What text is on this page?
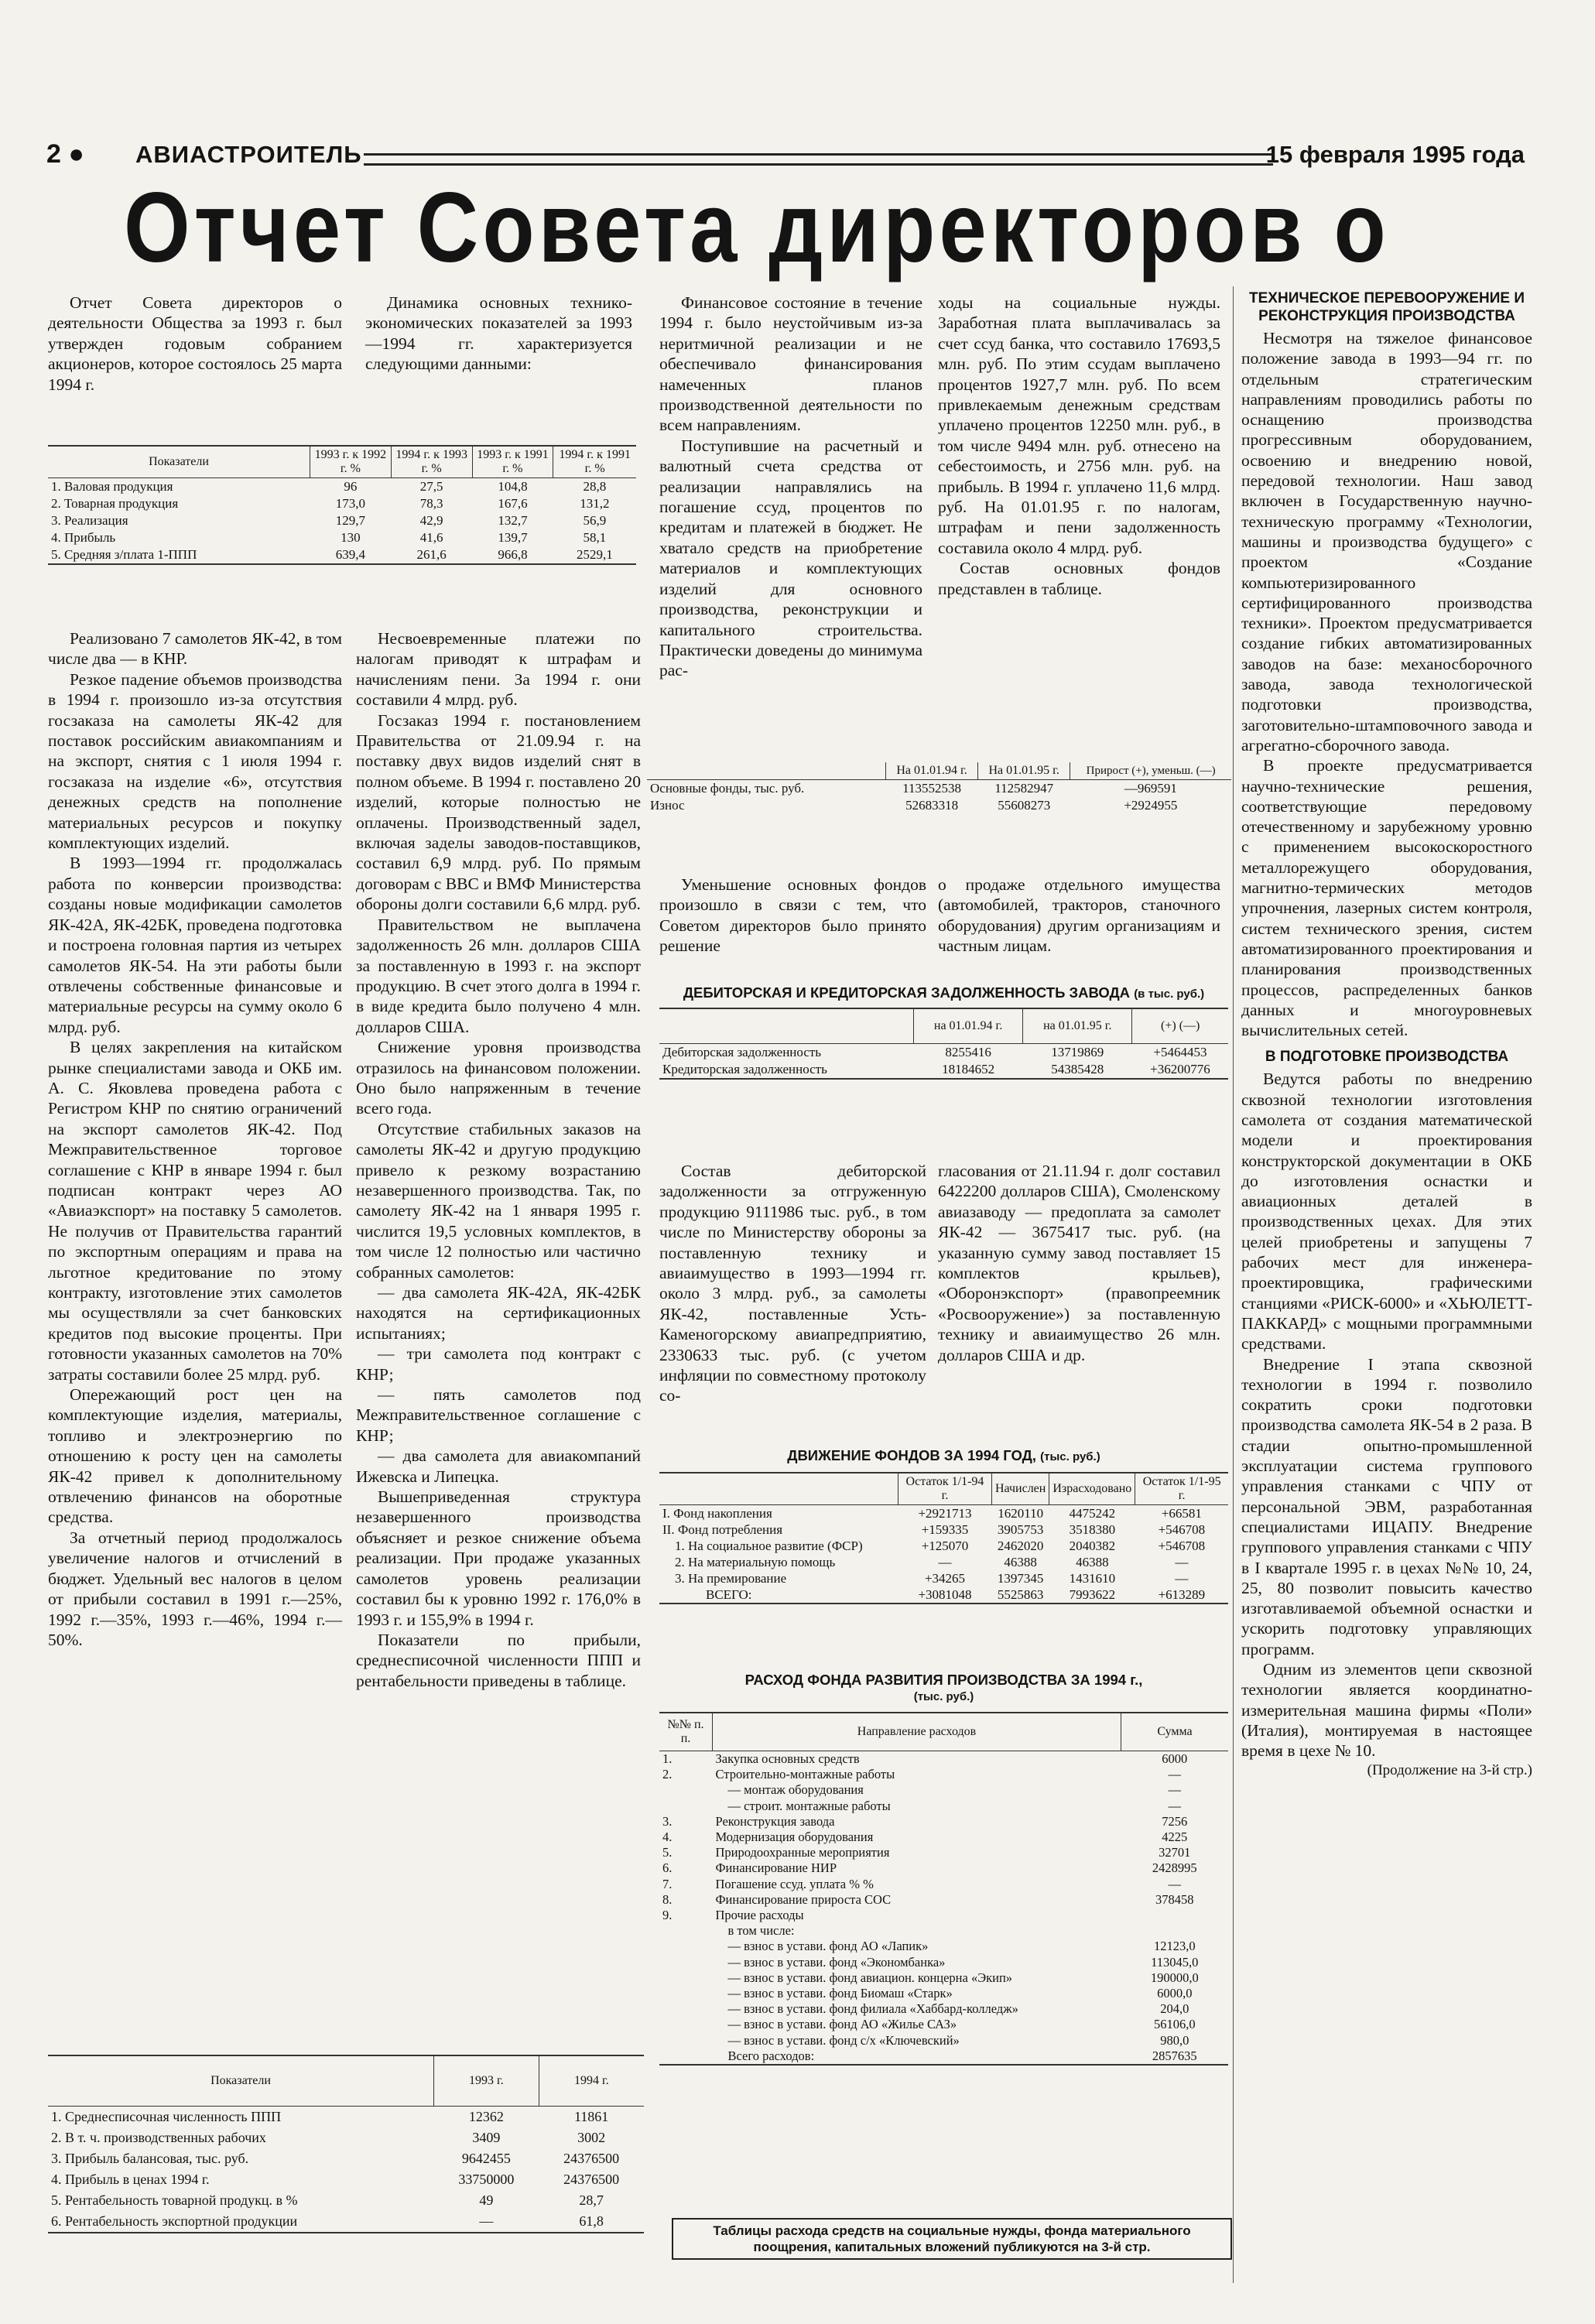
2 ● АВИАСТРОИТЕЛЬ	15 февраля 1995 года
Отчет Совета директоров о

Отчет Совета директоров о деятельности Общества за 1993 г. был утвержден годовым собранием акционеров, которое состоялось 25 марта 1994 г.

Динамика основных технико-экономических показателей за 1993—1994 гг. характеризуется следующими данными:

Показатели	1993 г. к 1992 г. %	1994 г. к 1993 г. %	1993 г. к 1991 г. %	1994 г. к 1991 г. %
1. Валовая продукция	96	27,5	104,8	28,8
2. Товарная продукция	173,0	78,3	167,6	131,2
3. Реализация	129,7	42,9	132,7	56,9
4. Прибыль	130	41,6	139,7	58,1
5. Средняя з/плата 1-ППП	639,4	261,6	966,8	2529,1

Реализовано 7 самолетов ЯК-42, в том числе два — в КНР.

Резкое падение объемов производства в 1994 г. произошло из-за отсутствия госзаказа на самолеты ЯК-42 для поставок российским авиакомпаниям и на экспорт, снятия с 1 июля 1994 г. госзаказа на изделие «6», отсутствия денежных средств на пополнение материальных ресурсов и покупку комплектующих изделий.

В 1993—1994 гг. продолжалась работа по конверсии производства: созданы новые модификации самолетов ЯК-42А, ЯК-42БК, проведена подготовка и построена головная партия из четырех самолетов ЯК-54. На эти работы были отвлечены собственные финансовые и материальные ресурсы на сумму около 6 млрд. руб.

В целях закрепления на китайском рынке специалистами завода и ОКБ им. А. С. Яковлева проведена работа с Регистром КНР по снятию ограничений на экспорт самолетов ЯК-42. Под Межправительственное торговое соглашение с КНР в январе 1994 г. был подписан контракт через АО «Авиаэкспорт» на поставку 5 самолетов. Не получив от Правительства гарантий по экспортным операциям и права на льготное кредитование по этому контракту, изготовление этих самолетов мы осуществляли за счет банковских кредитов под высокие проценты. При готовности указанных самолетов на 70% затраты составили более 25 млрд. руб.

Опережающий рост цен на комплектующие изделия, материалы, топливо и электроэнергию по отношению к росту цен на самолеты ЯК-42 привел к дополнительному отвлечению финансов на оборотные средства.

За отчетный период продолжалось увеличение налогов и отчислений в бюджет. Удельный вес налогов в целом от прибыли составил в 1991 г.—25%, 1992 г.—35%, 1993 г.—46%, 1994 г.—50%.

Несвоевременные платежи по налогам приводят к штрафам и начислениям пени. За 1994 г. они составили 4 млрд. руб.

Госзаказ 1994 г. постановлением Правительства от 21.09.94 г. на поставку двух видов изделий снят в полном объеме. В 1994 г. поставлено 20 изделий, которые полностью не оплачены. Производственный задел, включая заделы заводов-поставщиков, составил 6,9 млрд. руб. По прямым договорам с ВВС и ВМФ Министерства обороны долги составили 6,6 млрд. руб.

Правительством не выплачена задолженность 26 млн. долларов США за поставленную в 1993 г. на экспорт продукцию. В счет этого долга в 1994 г. в виде кредита было получено 4 млн. долларов США.

Снижение уровня производства отразилось на финансовом положении. Оно было напряженным в течение всего года.

Отсутствие стабильных заказов на самолеты ЯК-42 и другую продукцию привело к резкому возрастанию незавершенного производства. Так, по самолету ЯК-42 на 1 января 1995 г. числится 19,5 условных комплектов, в том числе 12 полностью или частично собранных самолетов:

— два самолета ЯК-42А, ЯК-42БК находятся на сертификационных испытаниях;

— три самолета под контракт с КНР;

— пять самолетов под Межправительственное соглашение с КНР;

— два самолета для авиакомпаний Ижевска и Липецка.

Вышеприведенная структура незавершенного производства объясняет и резкое снижение объема реализации. При продаже указанных самолетов уровень реализации составил бы к уровню 1992 г. 176,0% в 1993 г. и 155,9% в 1994 г.

Показатели по прибыли, среднесписочной численности ППП и рентабельности приведены в таблице.

Показатели	1993 г.	1994 г.
1. Среднесписочная численность ППП	12362	11861
2. В т. ч. производственных рабочих	3409	3002
3. Прибыль балансовая, тыс. руб.	9642455	24376500
4. Прибыль в ценах 1994 г.	33750000	24376500
5. Рентабельность товарной продукц. в %	49	28,7
6. Рентабельность экспортной продукции	—	61,8

Финансовое состояние в течение 1994 г. было неустойчивым из-за неритмичной реализации и не обеспечивало финансирования намеченных планов производственной деятельности по всем направлениям.

Поступившие на расчетный и валютный счета средства от реализации направлялись на погашение ссуд, процентов по кредитам и платежей в бюджет. Не хватало средств на приобретение материалов и комплектующих изделий для основного производства, реконструкции и капитального строительства. Практически доведены до минимума рас-

ходы на социальные нужды. Заработная плата выплачивалась за счет ссуд банка, что составило 17693,5 млн. руб. По этим ссудам выплачено процентов 1927,7 млн. руб. По всем привлекаемым денежным средствам уплачено процентов 12250 млн. руб., в том числе 9494 млн. руб. отнесено на себестоимость, и 2756 млн. руб. на прибыль. В 1994 г. уплачено 11,6 млрд. руб. На 01.01.95 г. по налогам, штрафам и пени задолженность составила около 4 млрд. руб.

Состав основных фондов представлен в таблице.

	На 01.01.94 г.	На 01.01.95 г.	Прирост (+), уменьш. (—)
Основные фонды, тыс. руб.	113552538	112582947	—969591
Износ	52683318	55608273	+2924955

Уменьшение основных фондов произошло в связи с тем, что Советом директоров было принято решение

о продаже отдельного имущества (автомобилей, тракторов, станочного оборудования) другим организациям и частным лицам.

ДЕБИТОРСКАЯ И КРЕДИТОРСКАЯ ЗАДОЛЖЕННОСТЬ ЗАВОДА (в тыс. руб.)
	на 01.01.94 г.	на 01.01.95 г.	(+) (—)
Дебиторская задолженность	8255416	13719869	+5464453
Кредиторская задолженность	18184652	54385428	+36200776

Состав дебиторской задолженности за отгруженную продукцию 9111986 тыс. руб., в том числе по Министерству обороны за поставленную технику и авиаимущество в 1993—1994 гг. около 3 млрд. руб., за самолеты ЯК-42, поставленные Усть-Каменогорскому авиапредприятию, 2330633 тыс. руб. (с учетом инфляции по совместному протоколу со-

гласования от 21.11.94 г. долг составил 6422200 долларов США), Смоленскому авиазаводу — предоплата за самолет ЯК-42 — 3675417 тыс. руб. (на указанную сумму завод поставляет 15 комплектов крыльев), «Оборонэкспорт» (правопреемник «Росвооружение») за поставленную технику и авиаимущество 26 млн. долларов США и др.

ДВИЖЕНИЕ ФОНДОВ ЗА 1994 ГОД, (тыс. руб.)
	Остаток 1/1-94 г.	Начислен	Израсходовано	Остаток 1/1-95 г.
I. Фонд накопления	+2921713	1620110	4475242	+66581
II. Фонд потребления	+159335	3905753	3518380	+546708
1. На социальное развитие (ФСР)	+125070	2462020	2040382	+546708
2. На материальную помощь	—	46388	46388	—
3. На премирование	+34265	1397345	1431610	—
ВСЕГО:	+3081048	5525863	7993622	+613289
РАСХОД ФОНДА РАЗВИТИЯ ПРОИЗВОДСТВА ЗА 1994 г.,
(тыс. руб.)
№№ п. п.	Направление расходов	Сумма
1.	Закупка основных средств	6000
2.	Строительно-монтажные работы	—
	— монтаж оборудования	—
	— строит. монтажные работы	—
3.	Реконструкция завода	7256
4.	Модернизация оборудования	4225
5.	Природоохранные мероприятия	32701
6.	Финансирование НИР	2428995
7.	Погашение ссуд. уплата % %	—
8.	Финансирование прироста СОС	378458
9.	Прочие расходы	
	в том числе:	
	— взнос в устави. фонд АО «Лапик»	12123,0
	— взнос в устави. фонд «Экономбанка»	113045,0
	— взнос в устави. фонд авиацион. концерна «Экип»	190000,0
	— взнос в устави. фонд Биомаш «Старк»	6000,0
	— взнос в устави. фонд филиала «Хаббард-колледж»	204,0
	— взнос в устави. фонд АО «Жилье САЗ»	56106,0
	— взнос в устави. фонд с/х «Ключевский»	980,0
	Всего расходов:	2857635
Таблицы расхода средств на социальные нужды, фонда материального поощрения, капитальных вложений публикуются на 3-й стр.
ТЕХНИЧЕСКОЕ ПЕРЕВООРУЖЕНИЕ И РЕКОНСТРУКЦИЯ ПРОИЗВОДСТВА

Несмотря на тяжелое финансовое положение завода в 1993—94 гг. по отдельным стратегическим направлениям проводились работы по оснащению производства прогрессивным оборудованием, освоению и внедрению новой, передовой технологии. Наш завод включен в Государственную научно-техническую программу «Технологии, машины и производства будущего» с проектом «Создание компьютеризированного сертифицированного производства техники». Проектом предусматривается создание гибких автоматизированных заводов на базе: механосборочного завода, завода технологической подготовки производства, заготовительно-штамповочного завода и агрегатно-сборочного завода.

В проекте предусматривается научно-технические решения, соответствующие передовому отечественному и зарубежному уровню с применением высокоскоростного металлорежущего оборудования, магнитно-термических методов упрочнения, лазерных систем контроля, систем технического зрения, систем автоматизированного проектирования и планирования производственных процессов, распределенных банков данных и многоуровневых вычислительных сетей.

В ПОДГОТОВКЕ ПРОИЗВОДСТВА

Ведутся работы по внедрению сквозной технологии изготовления самолета от создания математической модели и проектирования конструкторской документации в ОКБ до изготовления оснастки и авиационных деталей в производственных цехах. Для этих целей приобретены и запущены 7 рабочих мест для инженера-проектировщика, графическими станциями «РИСК-6000» и «ХЬЮЛЕТТ-ПАККАРД» с мощными программными средствами.

Внедрение I этапа сквозной технологии в 1994 г. позволило сократить сроки подготовки производства самолета ЯК-54 в 2 раза. В стадии опытно-промышленной эксплуатации система группового управления станками с ЧПУ от персональной ЭВМ, разработанная специалистами ИЦАПУ. Внедрение группового управления станками с ЧПУ в I квартале 1995 г. в цехах №№ 10, 24, 25, 80 позволит повысить качество изготавливаемой объемной оснастки и ускорить подготовку управляющих программ.

Одним из элементов цепи сквозной технологии является координатно-измерительная машина фирмы «Поли» (Италия), монтируемая в настоящее время в цехе № 10.

(Продолжение на 3-й стр.)
